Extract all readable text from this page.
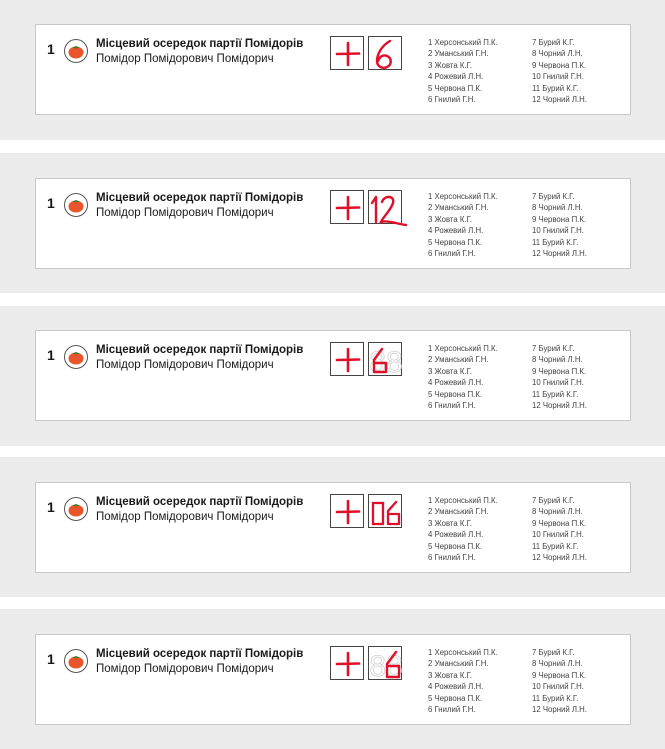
1	Місцевий осередок партії Помідорів
Помідор Помідорович Помідорич
1 Херсонський П.К.
2 Уманський Г.Н.
3 Жовта К.Г.
4 Рожевий Л.Н.
5 Червона П.К.
6 Гнилий Г.Н.
7 Бурий К.Г.
8 Чорний Л.Н.
9 Червона П.К.
10 Гнилий Г.Н.
11 Бурий К.Г.
12 Чорний Л.Н.
1	Місцевий осередок партії Помідорів
Помідор Помідорович Помідорич
1 Херсонський П.К.
2 Уманський Г.Н.
3 Жовта К.Г.
4 Рожевий Л.Н.
5 Червона П.К.
6 Гнилий Г.Н.
7 Бурий К.Г.
8 Чорний Л.Н.
9 Червона П.К.
10 Гнилий Г.Н.
11 Бурий К.Г.
12 Чорний Л.Н.
1	Місцевий осередок партії Помідорів
Помідор Помідорович Помідорич	88	1 Херсонський П.К.
2 Уманський Г.Н.
3 Жовта К.Г.
4 Рожевий Л.Н.
5 Червона П.К.
6 Гнилий Г.Н.
7 Бурий К.Г.
8 Чорний Л.Н.
9 Червона П.К.
10 Гнилий Г.Н.
11 Бурий К.Г.
12 Чорний Л.Н.
1	Місцевий осередок партії Помідорів
Помідор Помідорович Помідорич
1 Херсонський П.К.
2 Уманський Г.Н.
3 Жовта К.Г.
4 Рожевий Л.Н.
5 Червона П.К.
6 Гнилий Г.Н.
7 Бурий К.Г.
8 Чорний Л.Н.
9 Червона П.К.
10 Гнилий Г.Н.
11 Бурий К.Г.
12 Чорний Л.Н.
1	Місцевий осередок партії Помідорів
Помідор Помідорович Помідорич	88	1 Херсонський П.К.
2 Уманський Г.Н.
3 Жовта К.Г.
4 Рожевий Л.Н.
5 Червона П.К.
6 Гнилий Г.Н.
7 Бурий К.Г.
8 Чорний Л.Н.
9 Червона П.К.
10 Гнилий Г.Н.
11 Бурий К.Г.
12 Чорний Л.Н.
